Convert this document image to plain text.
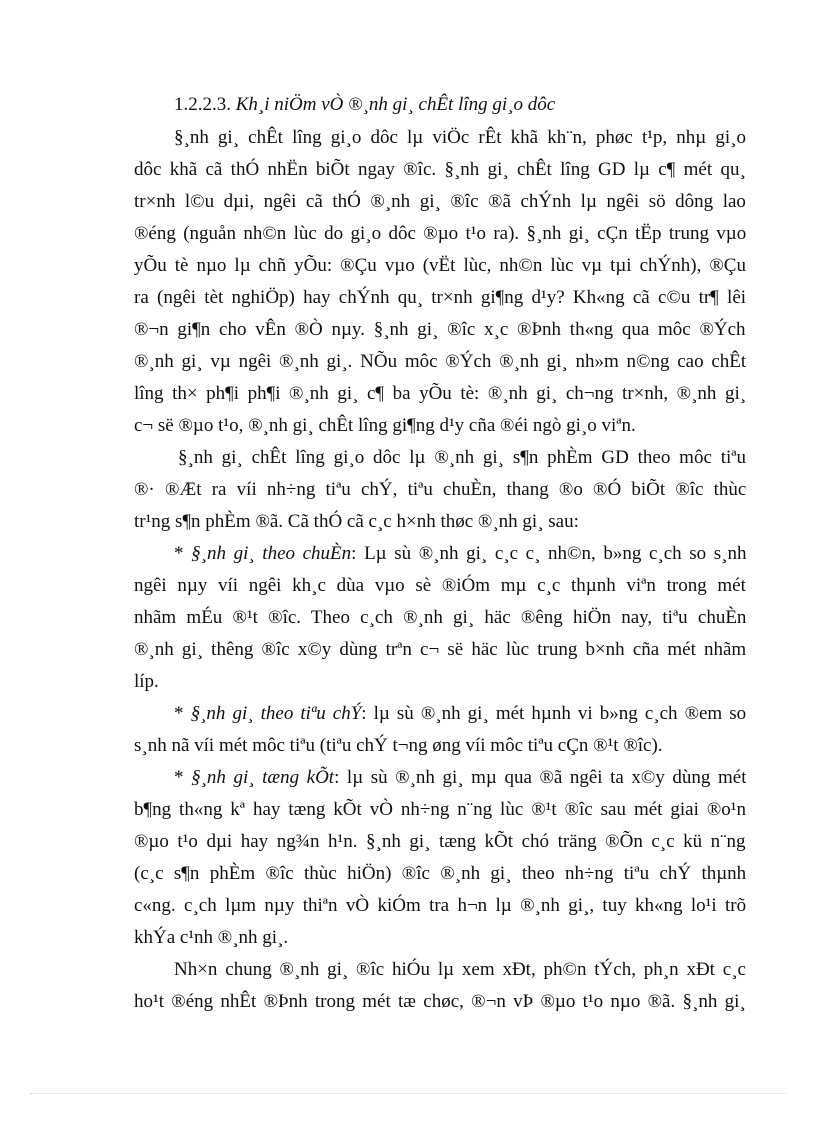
1.2.2.3. Kh¸i niÖm vÒ ®¸nh gi¸ chÊt lîng gi¸o dôc
§¸nh gi¸ chÊt lîng gi¸o dôc lµ viÖc rÊt khã kh¨n, phøc t¹p, nhµ gi¸o
dôc khã cã thÓ nhËn biÕt ngay ®îc. §¸nh gi¸ chÊt lîng GD lµ c¶ mét qu¸
tr×nh l©u dµi, ngêi cã thÓ ®¸nh gi¸ ®îc ®ã chÝnh lµ ngêi sö dông lao
®éng (nguån nh©n lùc do gi¸o dôc ®µo t¹o ra). §¸nh gi¸ cÇn tËp trung vµo
yÕu tè nµo lµ chñ yÕu: ®Çu vµo (vËt lùc, nh©n lùc vµ tµi chÝnh), ®Çu
ra (ngêi tèt nghiÖp) hay chÝnh qu¸ tr×nh gi¶ng d¹y? Kh«ng cã c©u tr¶ lêi
®¬n gi¶n cho vÊn ®Ò nµy. §¸nh gi¸ ®îc x¸c ®Þnh th«ng qua môc ®Ých
®¸nh gi¸ vµ ngêi ®¸nh gi¸. NÕu môc ®Ých ®¸nh gi¸ nh»m n©ng cao chÊt
lîng th× ph¶i ph¶i ®¸nh gi¸ c¶ ba yÕu tè: ®¸nh gi¸ ch¬ng tr×nh, ®¸nh gi¸
c¬ së ®µo t¹o, ®¸nh gi¸ chÊt lîng gi¶ng d¹y cña ®éi ngò gi¸o viªn.
§¸nh gi¸ chÊt lîng gi¸o dôc lµ ®¸nh gi¸ s¶n phÈm GD theo môc tiªu
®· ®Æt ra víi nh÷ng tiªu chÝ, tiªu chuÈn, thang ®o ®Ó biÕt ®îc thùc
tr¹ng s¶n phÈm ®ã. Cã thÓ cã c¸c h×nh thøc ®¸nh gi¸ sau:
* §¸nh gi¸ theo chuÈn: Lµ sù ®¸nh gi¸ c¸c c¸ nh©n, b»ng c¸ch so s¸nh
ngêi nµy víi ngêi kh¸c dùa vµo sè ®iÓm mµ c¸c thµnh viªn trong mét
nhãm mÉu ®¹t ®îc. Theo c¸ch ®¸nh gi¸ häc ®êng hiÖn nay, tiªu chuÈn
®¸nh gi¸ thêng ®îc x©y dùng trªn c¬ së häc lùc trung b×nh cña mét nhãm
líp.
* §¸nh gi¸ theo tiªu chÝ: lµ sù ®¸nh gi¸ mét hµnh vi b»ng c¸ch ®em so
s¸nh nã víi mét môc tiªu (tiªu chÝ t¬ng øng víi môc tiªu cÇn ®¹t ®îc).
* §¸nh gi¸ tæng kÕt: lµ sù ®¸nh gi¸ mµ qua ®ã ngêi ta x©y dùng mét
b¶ng th«ng kª hay tæng kÕt vÒ nh÷ng n¨ng lùc ®¹t ®îc sau mét giai ®o¹n
®µo t¹o dµi hay ng¾n h¹n. §¸nh gi¸ tæng kÕt chó träng ®Õn c¸c kü n¨ng
(c¸c s¶n phÈm ®îc thùc hiÖn) ®îc ®¸nh gi¸ theo nh÷ng tiªu chÝ thµnh
c«ng. c¸ch lµm nµy thiªn vÒ kiÓm tra h¬n lµ ®¸nh gi¸, tuy kh«ng lo¹i trõ
khÝa c¹nh ®¸nh gi¸.
Nh×n chung ®¸nh gi¸ ®îc hiÓu lµ xem xÐt, ph©n tÝch, ph¸n xÐt c¸c
ho¹t ®éng nhÊt ®Þnh trong mét tæ chøc, ®¬n vÞ ®µo t¹o nµo ®ã. §¸nh gi¸
